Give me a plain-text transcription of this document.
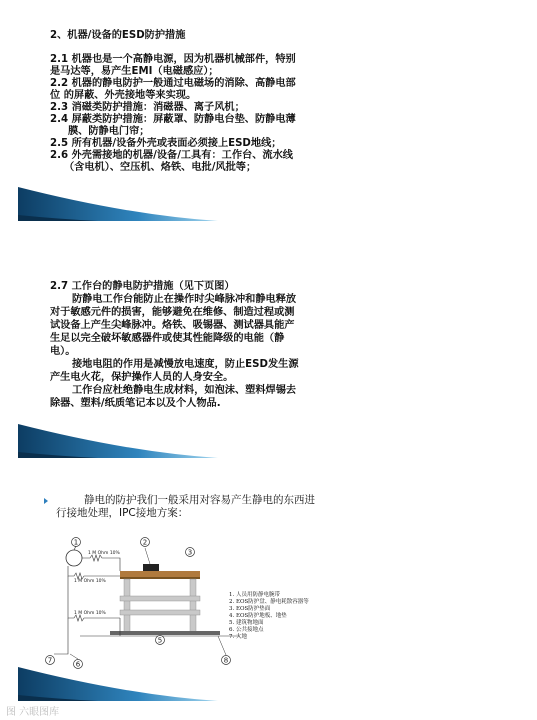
2、机器/设备的ESD防护措施
2.1 机器也是一个高静电源，因为机器机械部件，特别
是马达等，易产生EMI（电磁感应）；
2.2 机器的静电防护一般通过电磁场的消除、高静电部
位 的屏蔽、外壳接地等来实现。
2.3 消磁类防护措施：消磁器、离子风机；
2.4 屏蔽类防护措施：屏蔽罩、防静电台垫、防静电薄
膜、防静电门帘；
2.5 所有机器/设备外壳或表面必须接上ESD地线；
2.6 外壳需接地的机器/设备/工具有：工作台、流水线
（含电机）、空压机、烙铁、电批/风批等；
2.7 工作台的静电防护措施（见下页图）
防静电工作台能防止在操作时尖峰脉冲和静电释放
对于敏感元件的损害，能够避免在维修、制造过程或测
试设备上产生尖峰脉冲。烙铁、吸锡器、测试器具能产
生足以完全破坏敏感器件或使其性能降级的电能（静
电）。
接地电阻的作用是减慢放电速度，防止ESD发生源
产生电火花，保护操作人员的人身安全。
工作台应杜绝静电生成材料，如泡沫、塑料焊锡去
除器、塑料/纸质笔记本以及个人物品.
静电的防护我们一般采用对容易产生静电的东西进
行接地处理，IPC接地方案：
1	2
3
1 M Ohm 10%
1 M Ohm 10%
1 M Ohm 10%
7	6
5
8
1. 人员用防静电腕带
2. EOS防护盘、静电耗散容器等
3. EOS防护垫面
4. EOS防护地板、地垫
5. 建筑物地面
6. 公共接地点
7. 大地
图 六眼图库
